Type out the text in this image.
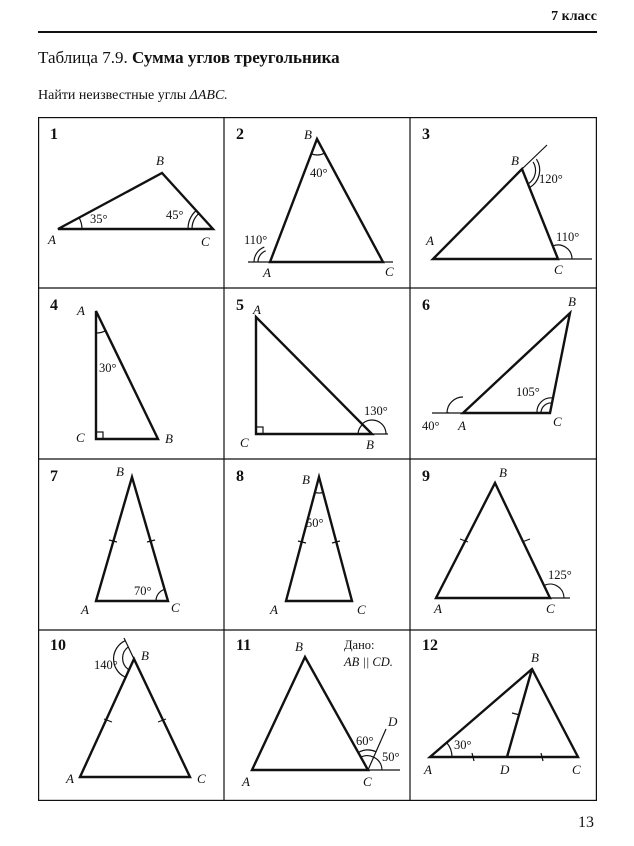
7 класс
Таблица 7.9. Сумма углов треугольника
Найти неизвестные углы ΔABC.
1
A
B
C
35°	45°
2
A
B
C
40°
110°
3
A
B
C
120°
110°
4 A
B
C
30°
5 A
B
C
130°
6
A
B
C
105°
40°
7
A
B
C
70°
8
A
B
C
50°
9
A
B
C
125°
10
A
B
C
140°
11
A
B
C
D
60°
50°
Дано:
AB || CD.
12
A
B
C
D
30°
13
